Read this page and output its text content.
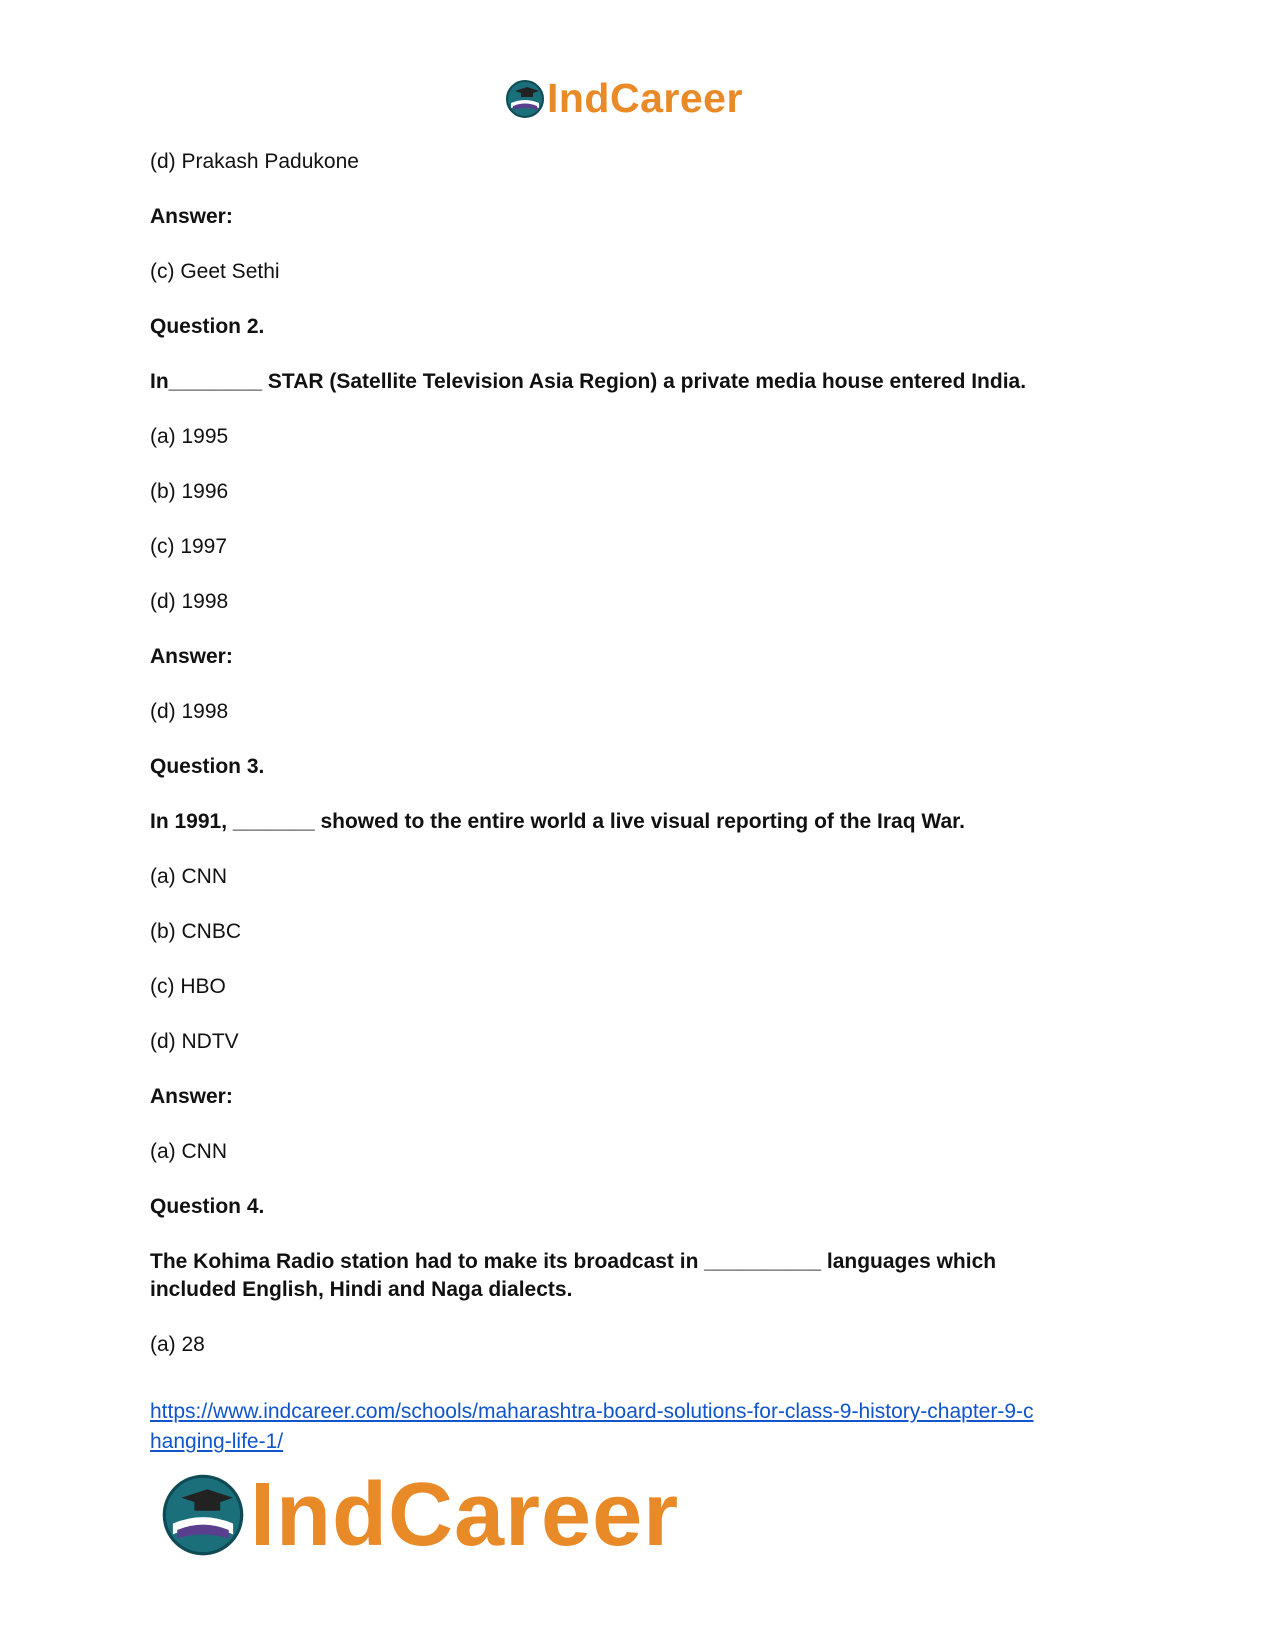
IndCareer

(d) Prakash Padukone

Answer:

(c) Geet Sethi

Question 2.

In________ STAR (Satellite Television Asia Region) a private media house entered India.

(a) 1995

(b) 1996

(c) 1997

(d) 1998

Answer:

(d) 1998

Question 3.

In 1991, _______ showed to the entire world a live visual reporting of the Iraq War.

(a) CNN

(b) CNBC

(c) HBO

(d) NDTV

Answer:

(a) CNN

Question 4.

The Kohima Radio station had to make its broadcast in __________ languages which
included English, Hindi and Naga dialects.

(a) 28

https://www.indcareer.com/schools/maharashtra-board-solutions-for-class-9-history-chapter-9-c
hanging-life-1/
IndCareer
